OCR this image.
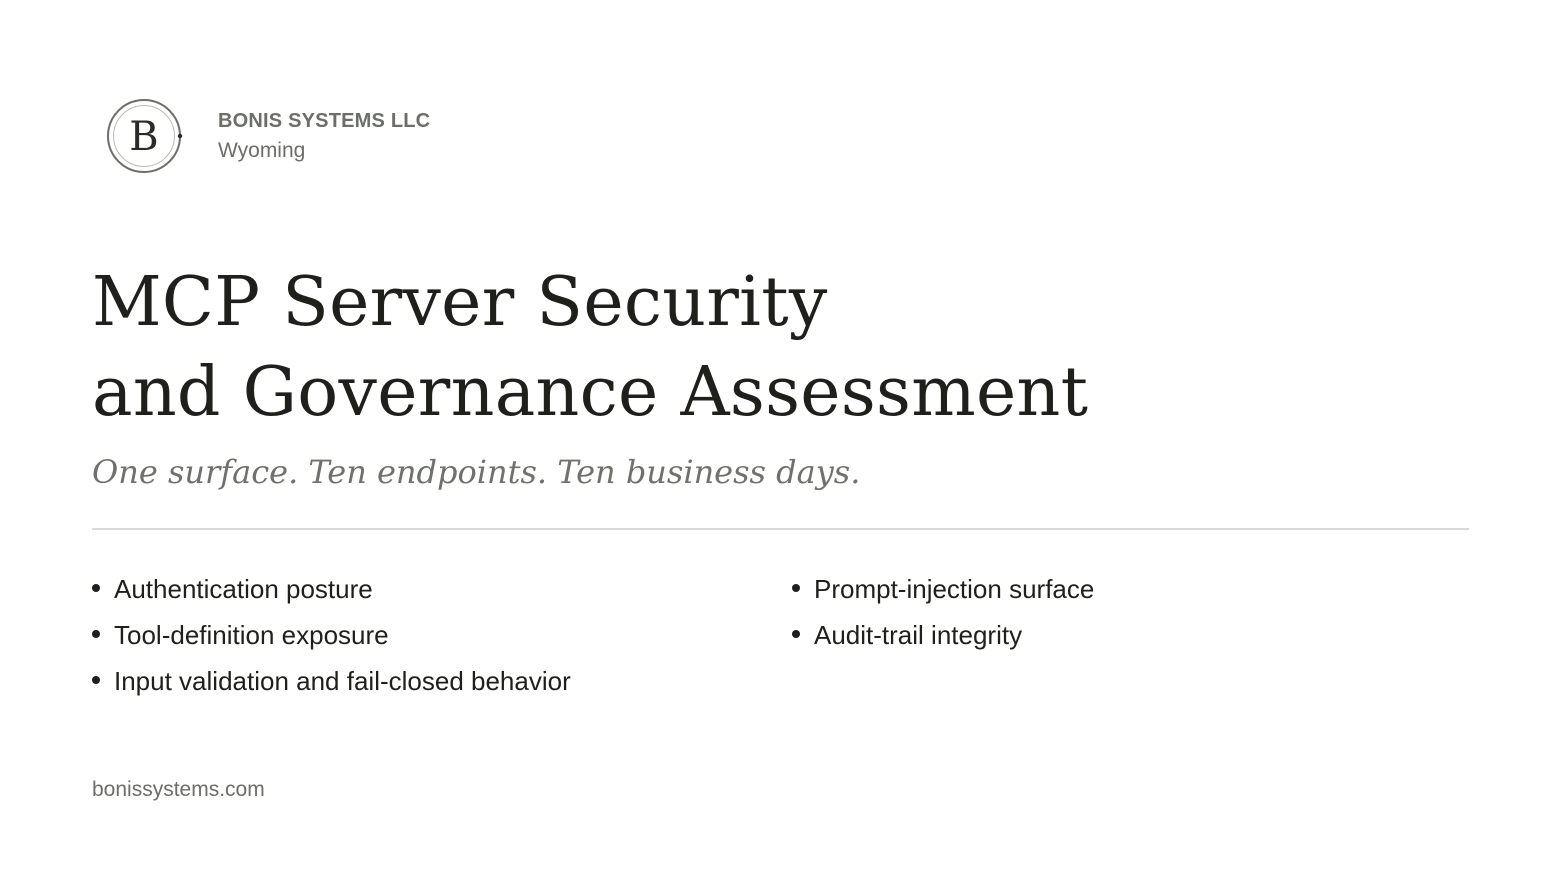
B	BONIS SYSTEMS LLC
Wyoming
MCP Server Security
and Governance Assessment
One surface. Ten endpoints. Ten business days.
Authentication posture
Tool-definition exposure
Input validation and fail-closed behavior
Prompt-injection surface
Audit-trail integrity
bonissystems.com
